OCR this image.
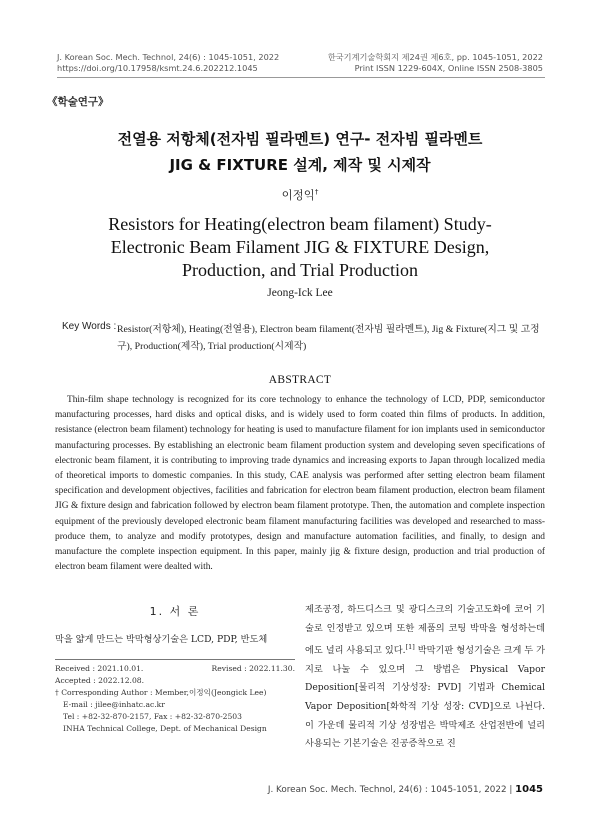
J. Korean Soc. Mech. Technol, 24(6) : 1045-1051, 2022
https://doi.org/10.17958/ksmt.24.6.202212.1045
한국기계기술학회지 제24권 제6호, pp. 1045-1051, 2022
Print ISSN 1229-604X, Online ISSN 2508-3805
《학술연구》
전열용 저항체(전자빔 필라멘트) 연구- 전자빔 필라멘트
JIG & FIXTURE 설계, 제작 및 시제작
이정익†
Resistors for Heating(electron beam filament) Study-
Electronic Beam Filament JIG & FIXTURE Design,
Production, and Trial Production
Jeong-Ick Lee
Key Words : Resistor(저항체), Heating(전열용), Electron beam filament(전자빔 필라멘트), Jig & Fixture(지그 및 고정구), Production(제작), Trial production(시제작)
ABSTRACT

Thin-film shape technology is recognized for its core technology to enhance the technology of LCD, PDP, semiconductor manufacturing processes, hard disks and optical disks, and is widely used to form coated thin films of products. In addition, resistance (electron beam filament) technology for heating is used to manufacture filament for ion implants used in semiconductor manufacturing processes. By establishing an electronic beam filament production system and developing seven specifications of electronic beam filament, it is contributing to improving trade dynamics and increasing exports to Japan through localized media of theoretical imports to domestic companies. In this study, CAE analysis was performed after setting electron beam filament specification and development objectives, facilities and fabrication for electron beam filament production, electron beam filament JIG & fixture design and fabrication followed by electron beam filament prototype. Then, the automation and complete inspection equipment of the previously developed electronic beam filament manufacturing facilities was developed and researched to mass-produce them, to analyze and modify prototypes, design and manufacture automation facilities, and finally, to design and manufacture the complete inspection equipment. In this paper, mainly jig & fixture design, production and trial production of electron beam filament were dealted with.

1. 서 론
막을 얇게 만드는 박막형상기술은 LCD, PDP, 반도체
Received : 2021.10.01.	Revised : 2022.11.30.
Accepted : 2022.12.08.
† Corresponding Author : Member,이정익(Jeongick Lee)
E-mail : jilee@inhatc.ac.kr
Tel : +82-32-870-2157, Fax : +82-32-870-2503
INHA Technical College, Dept. of Mechanical Design

제조공정, 하드디스크 및 광디스크의 기술고도화에 코어 기술로 인정받고 있으며 또한 제품의 코팅 박막을 형성하는데에도 널리 사용되고 있다.[1] 박막기판 형성기술은 크게 두 가지로 나눌 수 있으며 그 방법은 Physical Vapor Deposition[물리적 기상성장: PVD] 기법과 Chemical Vapor Deposition[화학적 기상 성장: CVD]으로 나뉜다. 이 가운데 물리적 기상 성장법은 박막제조 산업전반에 널리 사용되는 기본기술은 진공증착으로 진

J. Korean Soc. Mech. Technol, 24(6) : 1045-1051, 2022 | 1045
